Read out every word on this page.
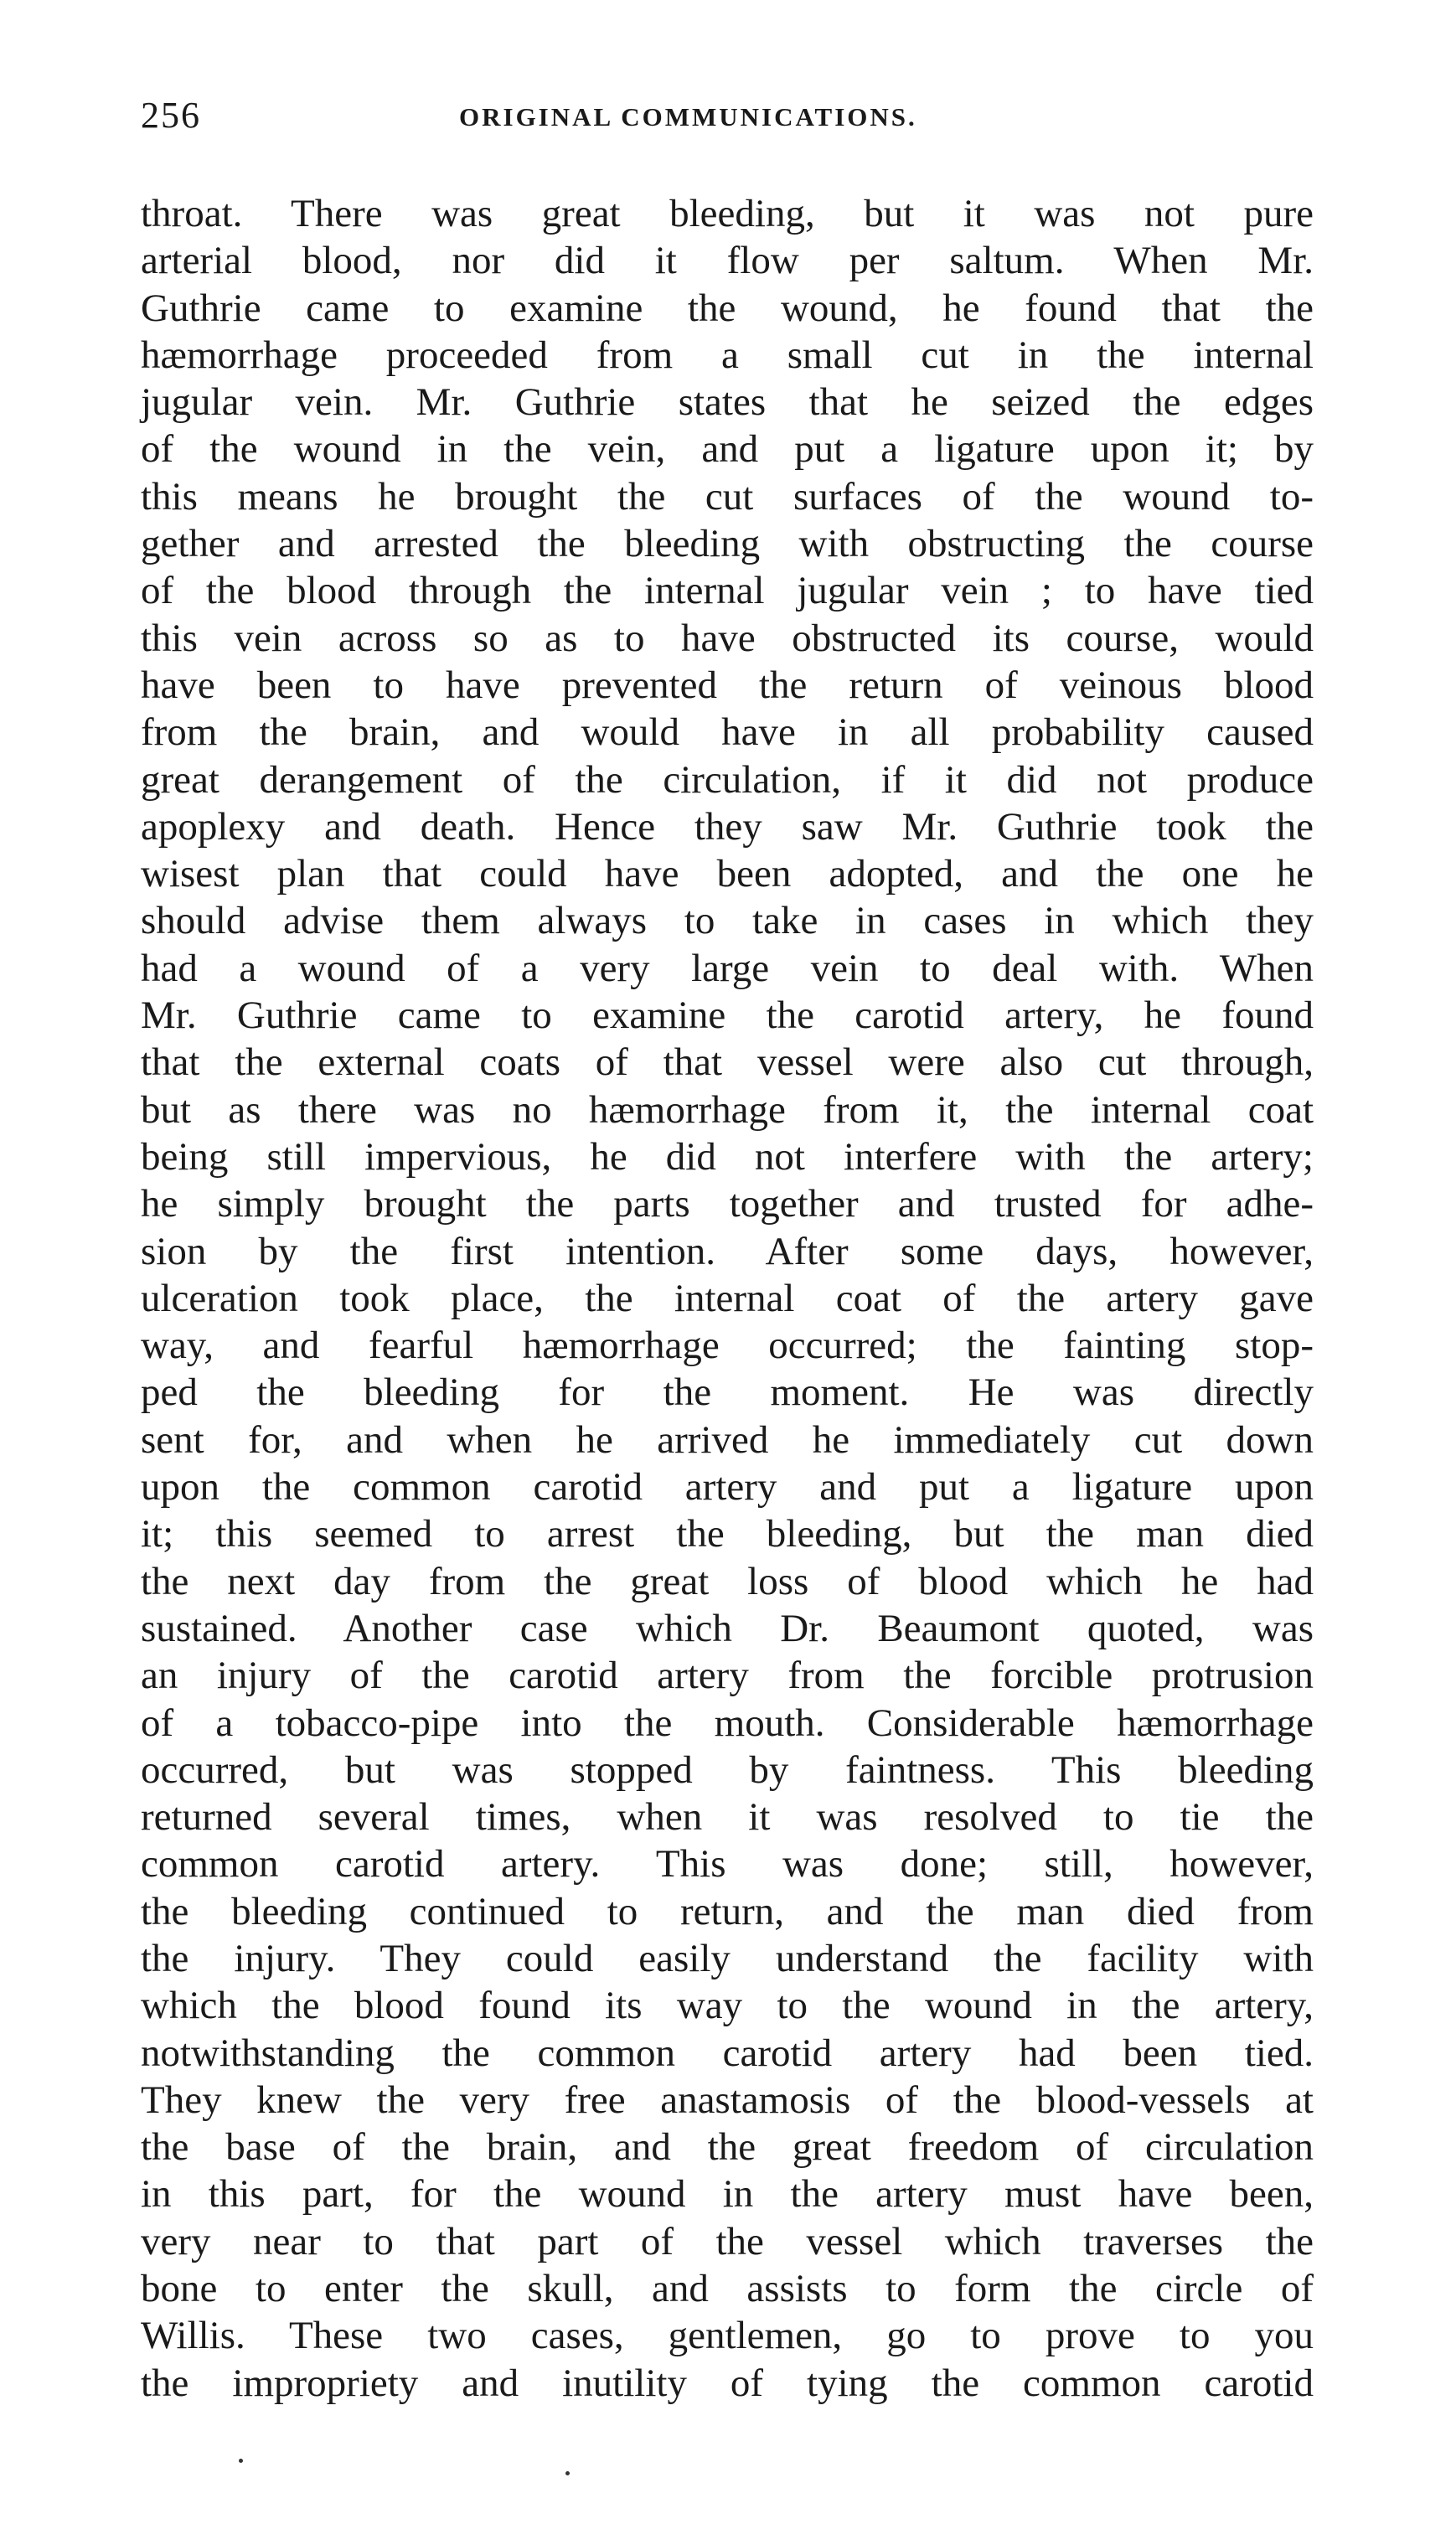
256	ORIGINAL COMMUNICATIONS.
throat. There was great bleeding, but it was not pure
arterial blood, nor did it flow per saltum. When Mr.
Guthrie came to examine the wound, he found that the
hæmorrhage proceeded from a small cut in the internal
jugular vein. Mr. Guthrie states that he seized the edges
of the wound in the vein, and put a ligature upon it; by
this means he brought the cut surfaces of the wound to-
gether and arrested the bleeding with obstructing the course
of the blood through the internal jugular vein ; to have tied
this vein across so as to have obstructed its course, would
have been to have prevented the return of veinous blood
from the brain, and would have in all probability caused
great derangement of the circulation, if it did not produce
apoplexy and death. Hence they saw Mr. Guthrie took the
wisest plan that could have been adopted, and the one he
should advise them always to take in cases in which they
had a wound of a very large vein to deal with. When
Mr. Guthrie came to examine the carotid artery, he found
that the external coats of that vessel were also cut through,
but as there was no hæmorrhage from it, the internal coat
being still impervious, he did not interfere with the artery;
he simply brought the parts together and trusted for adhe-
sion by the first intention. After some days, however,
ulceration took place, the internal coat of the artery gave
way, and fearful hæmorrhage occurred; the fainting stop-
ped the bleeding for the moment. He was directly
sent for, and when he arrived he immediately cut down
upon the common carotid artery and put a ligature upon
it; this seemed to arrest the bleeding, but the man died
the next day from the great loss of blood which he had
sustained. Another case which Dr. Beaumont quoted, was
an injury of the carotid artery from the forcible protrusion
of a tobacco-pipe into the mouth. Considerable hæmorrhage
occurred, but was stopped by faintness. This bleeding
returned several times, when it was resolved to tie the
common carotid artery. This was done; still, however,
the bleeding continued to return, and the man died from
the injury. They could easily understand the facility with
which the blood found its way to the wound in the artery,
notwithstanding the common carotid artery had been tied.
They knew the very free anastamosis of the blood-vessels at
the base of the brain, and the great freedom of circulation
in this part, for the wound in the artery must have been,
very near to that part of the vessel which traverses the
bone to enter the skull, and assists to form the circle of
Willis. These two cases, gentlemen, go to prove to you
the impropriety and inutility of tying the common carotid
